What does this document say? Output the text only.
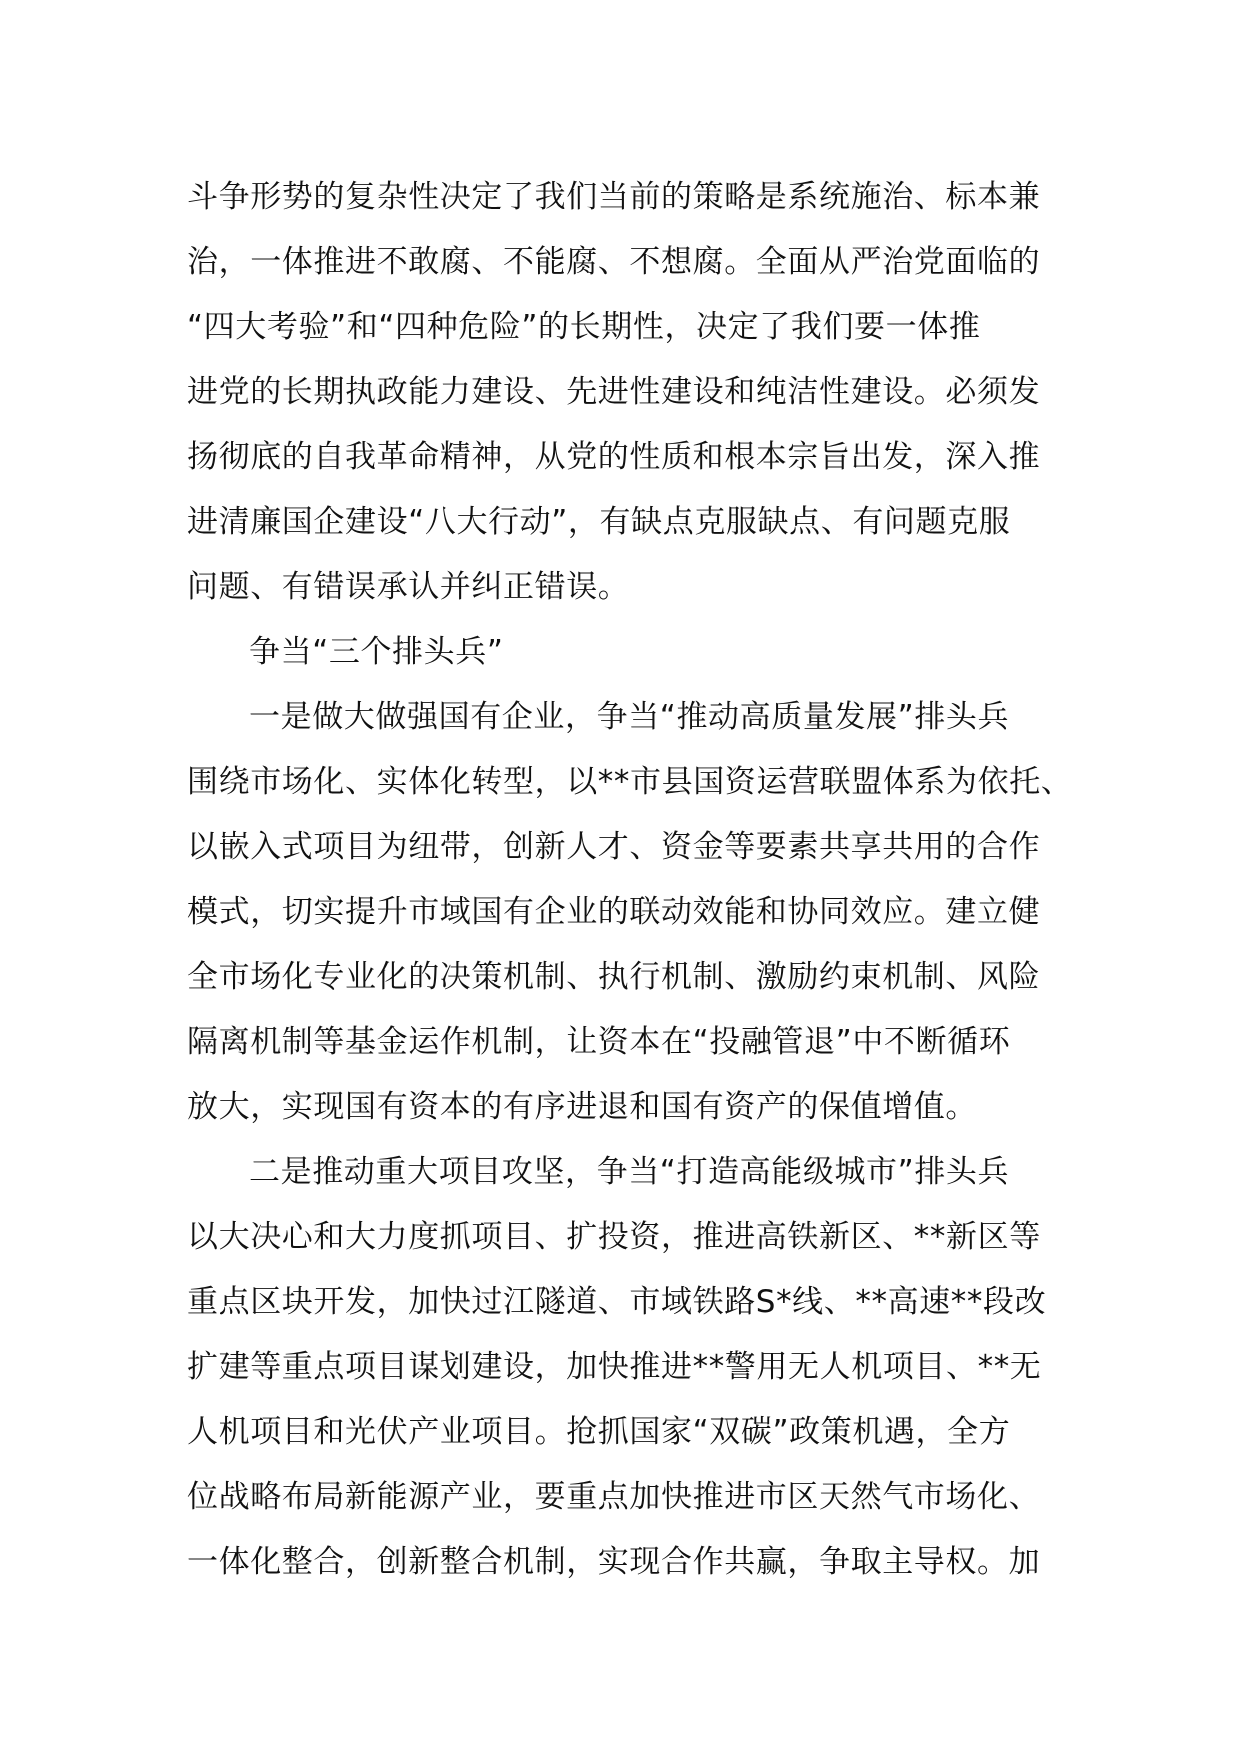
斗争形势的复杂性决定了我们当前的策略是系统施治、标本兼
治，一体推进不敢腐、不能腐、不想腐。全面从严治党面临的
“四大考验”和“四种危险”的长期性，决定了我们要一体推
进党的长期执政能力建设、先进性建设和纯洁性建设。必须发
扬彻底的自我革命精神，从党的性质和根本宗旨出发，深入推
进清廉国企建设“八大行动”，有缺点克服缺点、有问题克服
问题、有错误承认并纠正错误。
争当“三个排头兵”
一是做大做强国有企业，争当“推动高质量发展”排头兵
围绕市场化、实体化转型，以**市县国资运营联盟体系为依托、
以嵌入式项目为纽带，创新人才、资金等要素共享共用的合作
模式，切实提升市域国有企业的联动效能和协同效应。建立健
全市场化专业化的决策机制、执行机制、激励约束机制、风险
隔离机制等基金运作机制，让资本在“投融管退”中不断循环
放大，实现国有资本的有序进退和国有资产的保值增值。
二是推动重大项目攻坚，争当“打造高能级城市”排头兵
以大决心和大力度抓项目、扩投资，推进高铁新区、**新区等
重点区块开发，加快过江隧道、市域铁路S*线、**高速**段改
扩建等重点项目谋划建设，加快推进**警用无人机项目、**无
人机项目和光伏产业项目。抢抓国家“双碳”政策机遇，全方
位战略布局新能源产业，要重点加快推进市区天然气市场化、
一体化整合，创新整合机制，实现合作共赢，争取主导权。加
